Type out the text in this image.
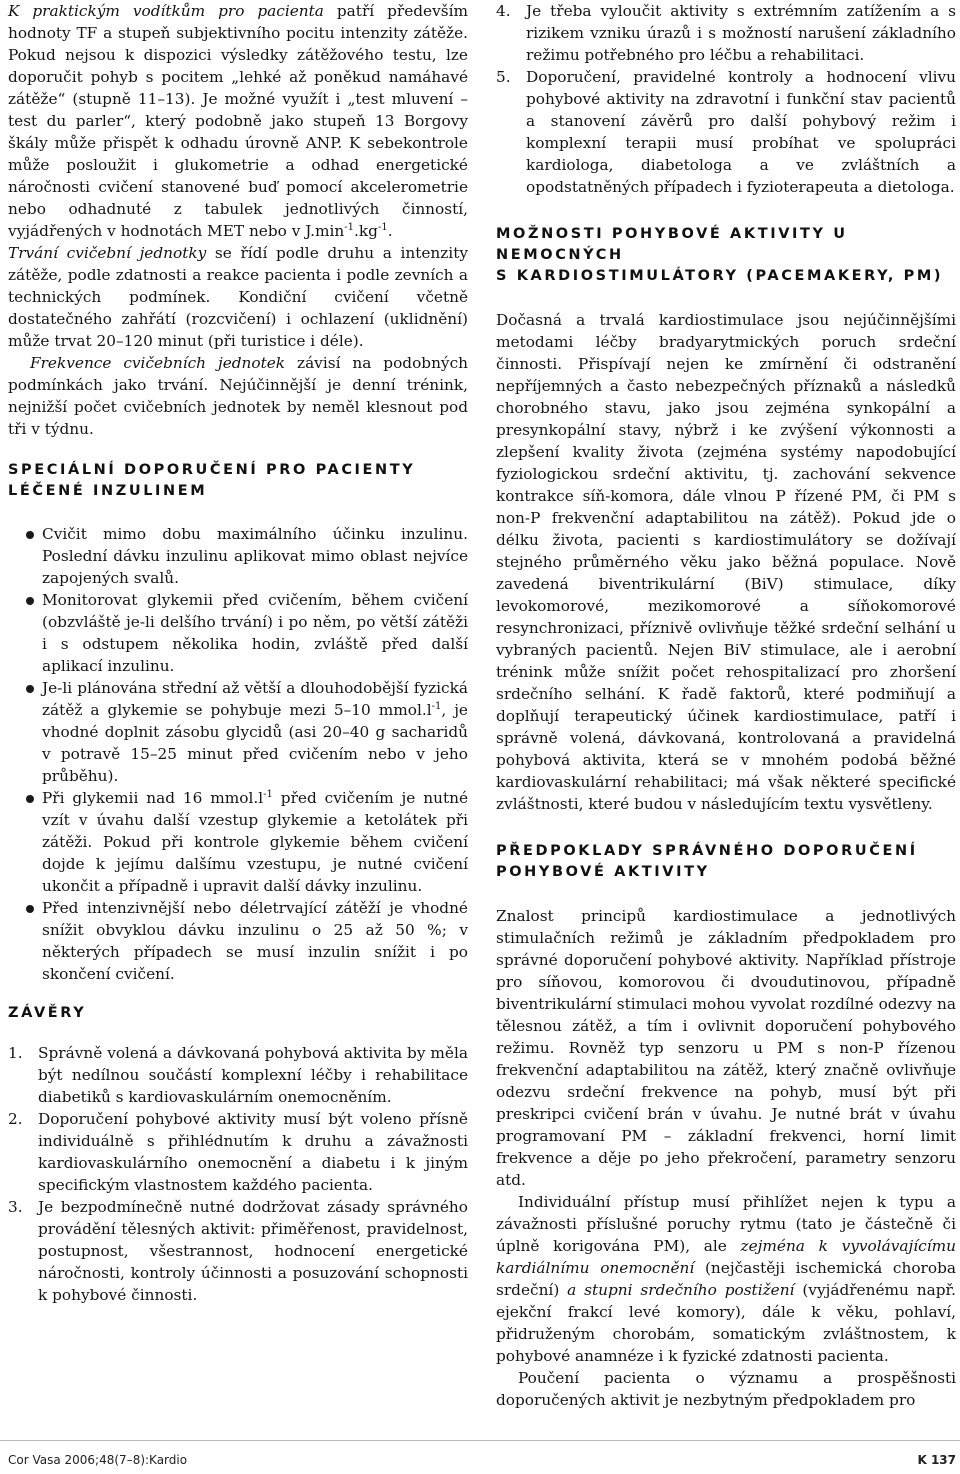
K praktickým vodítkům pro pacienta patří především hodnoty TF a stupeň subjektivního pocitu intenzity zátěže. Pokud nejsou k dispozici výsledky zátěžového testu, lze doporučit pohyb s pocitem „lehké až poněkud namáhavé zátěže“ (stupně 11–13). Je možné využít i „test mluvení – test du parler“, který podobně jako stupeň 13 Borgovy škály může přispět k odhadu úrovně ANP. K sebekontrole může posloužit i glukometrie a odhad energetické náročnosti cvičení stanovené buď pomocí akcelerometrie nebo odhadnuté z tabulek jednotlivých činností, vyjádřených v hodnotách MET nebo v $J.\min^{-1}.kg^{-1}$.

Trvání cvičební jednotky se řídí podle druhu a intenzity zátěže, podle zdatnosti a reakce pacienta i podle zevních a technických podmínek. Kondiční cvičení včetně dostatečného zahřátí (rozcvičení) i ochlazení (uklidnění) může trvat 20–120 minut (při turistice i déle).

Frekvence cvičebních jednotek závisí na podobných podmínkách jako trvání. Nejúčinnější je denní trénink, nejnižší počet cvičebních jednotek by neměl klesnout pod tři v týdnu.

SPECIÁLNÍ DOPORUČENÍ PRO PACIENTY
LÉČENÉ INZULINEM

Cvičit mimo dobu maximálního účinku inzulinu. Poslední dávku inzulinu aplikovat mimo oblast nejvíce zapojených svalů.

Monitorovat glykemii před cvičením, během cvičení (obzvláště je-li delšího trvání) i po něm, po větší zátěži i s odstupem několika hodin, zvláště před další aplikací inzulinu.

Je-li plánována střední až větší a dlouhodobější fyzická zátěž a glykemie se pohybuje mezi 5–10 $mmol.l^{-1}$, je vhodné doplnit zásobu glycidů (asi 20–40 g sacharidů v potravě 15–25 minut před cvičením nebo v jeho průběhu).

Při glykemii nad 16 $mmol.l^{-1}$ před cvičením je nutné vzít v úvahu další vzestup glykemie a ketolátek při zátěži. Pokud při kontrole glykemie během cvičení dojde k jejímu dalšímu vzestupu, je nutné cvičení ukončit a případně i upravit další dávky inzulinu.

Před intenzivnější nebo déletrvající zátěží je vhodné snížit obvyklou dávku inzulinu o 25 až 50 %; v některých případech se musí inzulin snížit i po skončení cvičení.

ZÁVĚRY
1. Správně volená a dávkovaná pohybová aktivita by měla být nedílnou součástí komplexní léčby i rehabilitace diabetiků s kardiovaskulárním onemocněním.

2. Doporučení pohybové aktivity musí být voleno přísně individuálně s přihlédnutím k druhu a závažnosti kardiovaskulárního onemocnění a diabetu i k jiným specifickým vlastnostem každého pacienta.

3. Je bezpodmínečně nutné dodržovat zásady správného provádění tělesných aktivit: přiměřenost, pravidelnost, postupnost, všestrannost, hodnocení energetické náročnosti, kontroly účinnosti a posuzování schopnosti k pohybové činnosti.

4. Je třeba vyloučit aktivity s extrémním zatížením a s rizikem vzniku úrazů i s možností narušení základního režimu potřebného pro léčbu a rehabilitaci.

5. Doporučení, pravidelné kontroly a hodnocení vlivu pohybové aktivity na zdravotní i funkční stav pacientů a stanovení závěrů pro další pohybový režim i komplexní terapii musí probíhat ve spolupráci kardiologa, diabetologa a ve zvláštních a opodstatněných případech i fyzioterapeuta a dietologa.

MOŽNOSTI POHYBOVÉ AKTIVITY U NEMOCNÝCH
S KARDIOSTIMULÁTORY (PACEMAKERY, PM)

Dočasná a trvalá kardiostimulace jsou nejúčinnějšími metodami léčby bradyarytmických poruch srdeční činnosti. Přispívají nejen ke zmírnění či odstranění nepříjemných a často nebezpečných příznaků a následků chorobného stavu, jako jsou zejména synkopální a presynkopální stavy, nýbrž i ke zvýšení výkonnosti a zlepšení kvality života (zejména systémy napodobující fyziologickou srdeční aktivitu, tj. zachování sekvence kontrakce síň-komora, dále vlnou P řízené PM, či PM s non-P frekvenční adaptabilitou na zátěž). Pokud jde o délku života, pacienti s kardiostimulátory se dožívají stejného průměrného věku jako běžná populace. Nově zavedená biventrikulární (BiV) stimulace, díky levokomorové, mezikomorové a síňokomorové resynchronizaci, příznivě ovlivňuje těžké srdeční selhání u vybraných pacientů. Nejen BiV stimulace, ale i aerobní trénink může snížit počet rehospitalizací pro zhoršení srdečního selhání. K řadě faktorů, které podmiňují a doplňují terapeutický účinek kardiostimulace, patří i správně volená, dávkovaná, kontrolovaná a pravidelná pohybová aktivita, která se v mnohém podobá běžné kardiovaskulární rehabilitaci; má však některé specifické zvláštnosti, které budou v následujícím textu vysvětleny.

PŘEDPOKLADY SPRÁVNÉHO DOPORUČENÍ
POHYBOVÉ AKTIVITY

Znalost principů kardiostimulace a jednotlivých stimulačních režimů je základním předpokladem pro správné doporučení pohybové aktivity. Například přístroje pro síňovou, komorovou či dvoudutinovou, případně biventrikulární stimulaci mohou vyvolat rozdílné odezvy na tělesnou zátěž, a tím i ovlivnit doporučení pohybového režimu. Rovněž typ senzoru u PM s non-P řízenou frekvenční adaptabilitou na zátěž, který značně ovlivňuje odezvu srdeční frekvence na pohyb, musí být při preskripci cvičení brán v úvahu. Je nutné brát v úvahu programovaní PM – základní frekvenci, horní limit frekvence a děje po jeho překročení, parametry senzoru atd.

Individuální přístup musí přihlížet nejen k typu a závažnosti příslušné poruchy rytmu (tato je částečně či úplně korigována PM), ale zejména k vyvolávajícímu kardiálnímu onemocnění (nejčastěji ischemická choroba srdeční) a stupni srdečního postižení (vyjádřenému např. ejekční frakcí levé komory), dále k věku, pohlaví, přidruženým chorobám, somatickým zvláštnostem, k pohybové anamnéze i k fyzické zdatnosti pacienta.

Poučení pacienta o významu a prospěšnosti doporučených aktivit je nezbytným předpokladem pro

Cor Vasa 2006;48(7–8):Kardio	K 137
